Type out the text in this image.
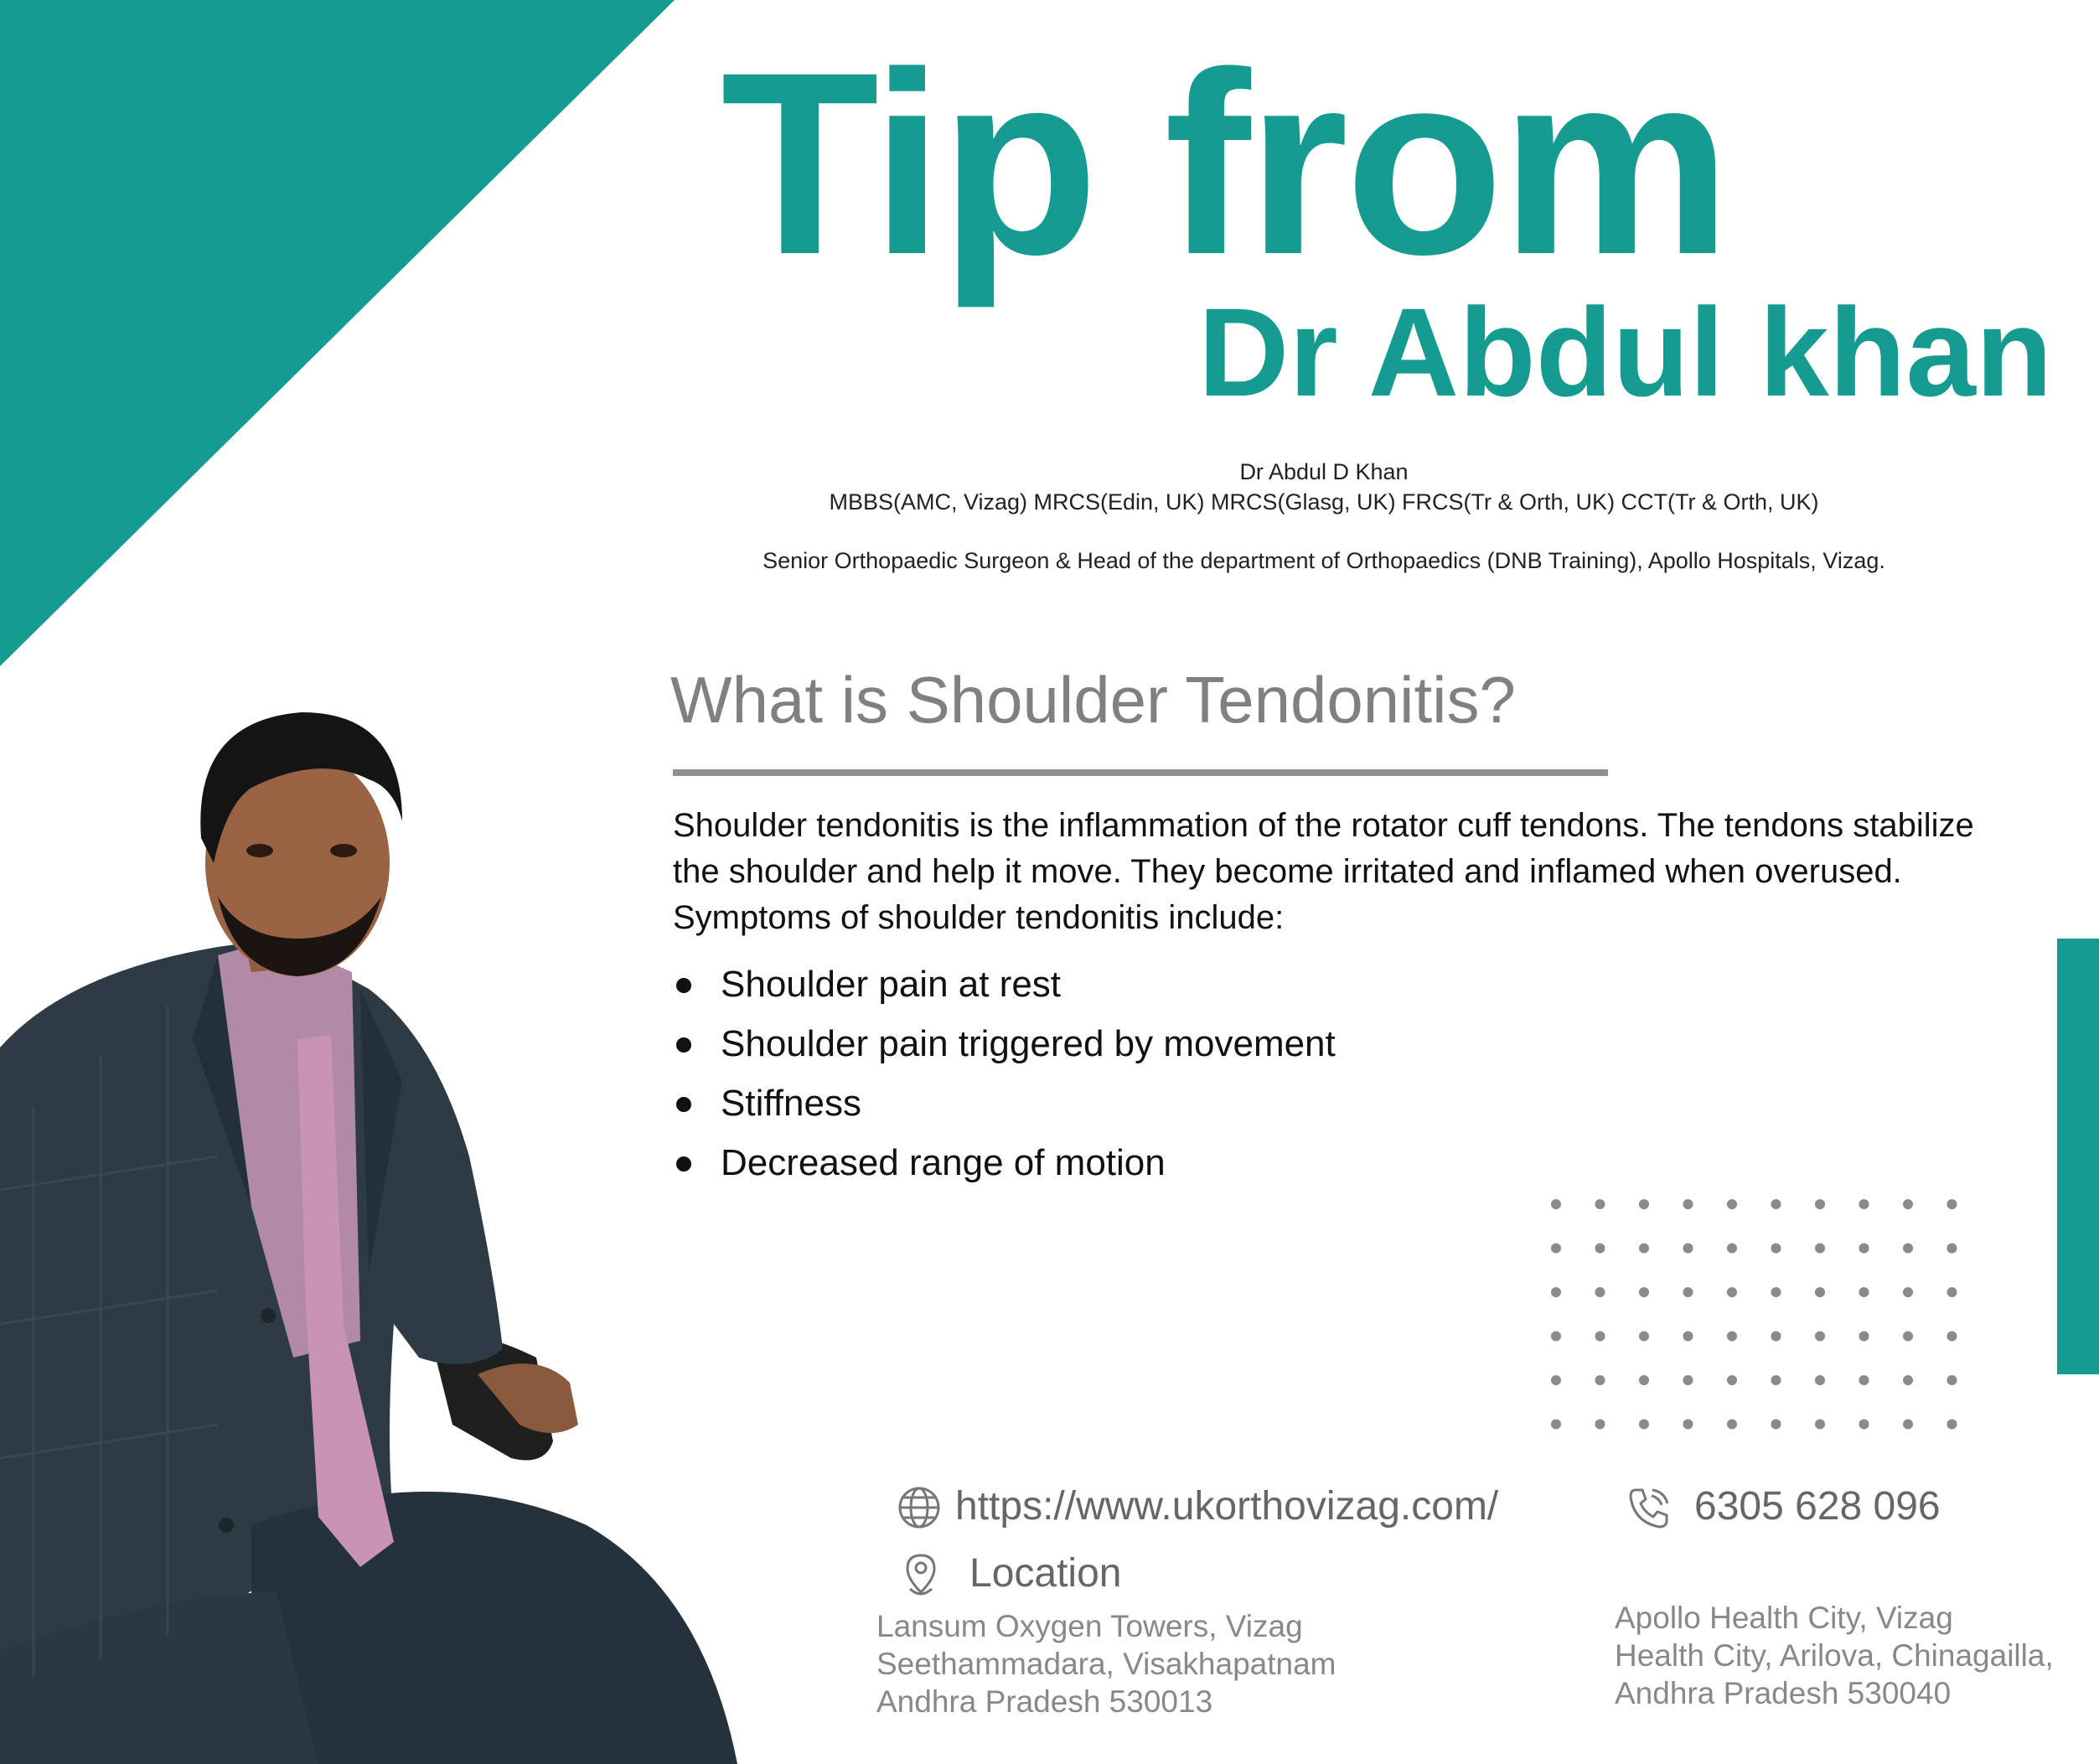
Tip from
Dr Abdul khan
Dr Abdul D Khan
MBBS(AMC, Vizag) MRCS(Edin, UK) MRCS(Glasg, UK) FRCS(Tr & Orth, UK) CCT(Tr & Orth, UK)
Senior Orthopaedic Surgeon & Head of the department of Orthopaedics (DNB Training), Apollo Hospitals, Vizag.
What is Shoulder Tendonitis?

Shoulder tendonitis is the inflammation of the rotator cuff tendons. The tendons stabilize
the shoulder and help it move. They become irritated and inflamed when overused.
Symptoms of shoulder tendonitis include:

Shoulder pain at rest
Shoulder pain triggered by movement
Stiffness
Decreased range of motion
https://www.ukorthovizag.com/	6305 628 096
Location
Lansum Oxygen Towers, Vizag
Seethammadara, Visakhapatnam
Andhra Pradesh 530013
Apollo Health City, Vizag
Health City, Arilova, Chinagailla,
Andhra Pradesh 530040
